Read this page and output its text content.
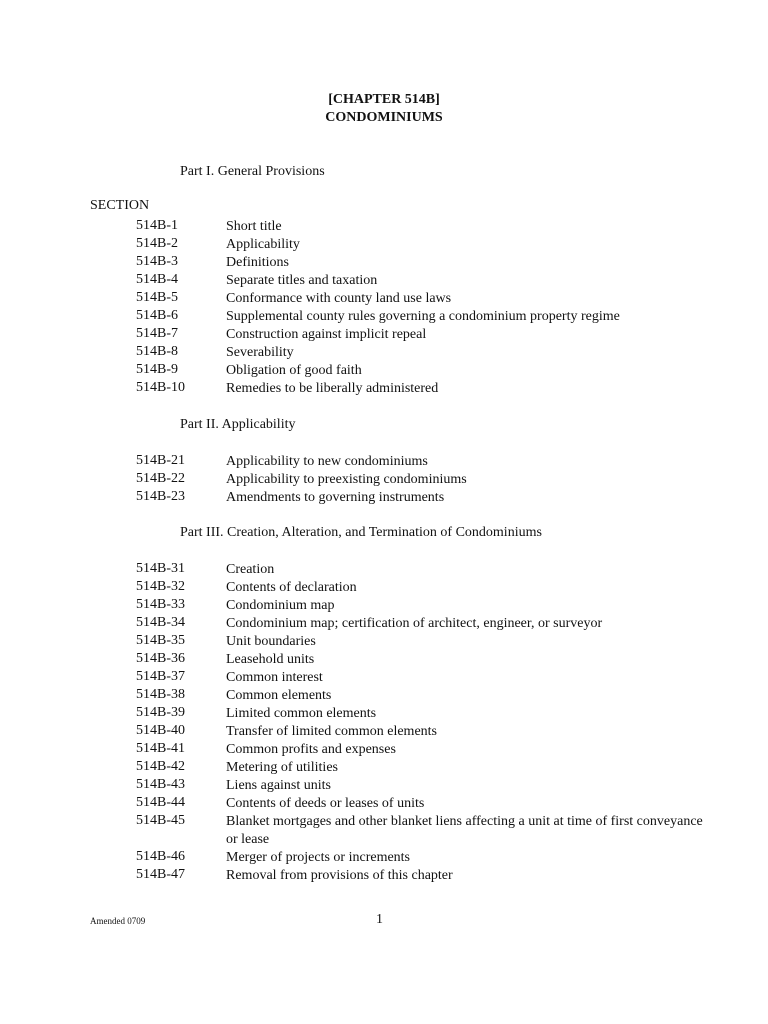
[CHAPTER 514B]
CONDOMINIUMS
Part I. General Provisions
SECTION
514B-1	Short title
514B-2	Applicability
514B-3	Definitions
514B-4	Separate titles and taxation
514B-5	Conformance with county land use laws
514B-6	Supplemental county rules governing a condominium property regime
514B-7	Construction against implicit repeal
514B-8	Severability
514B-9	Obligation of good faith
514B-10	Remedies to be liberally administered
Part II. Applicability
514B-21	Applicability to new condominiums
514B-22	Applicability to preexisting condominiums
514B-23	Amendments to governing instruments
Part III. Creation, Alteration, and Termination of Condominiums
514B-31	Creation
514B-32	Contents of declaration
514B-33	Condominium map
514B-34	Condominium map; certification of architect, engineer, or surveyor
514B-35	Unit boundaries
514B-36	Leasehold units
514B-37	Common interest
514B-38	Common elements
514B-39	Limited common elements
514B-40	Transfer of limited common elements
514B-41	Common profits and expenses
514B-42	Metering of utilities
514B-43	Liens against units
514B-44	Contents of deeds or leases of units
514B-45	Blanket mortgages and other blanket liens affecting a unit at time of first conveyance or lease
514B-46	Merger of projects or increments
514B-47	Removal from provisions of this chapter
Amended 0709	1
